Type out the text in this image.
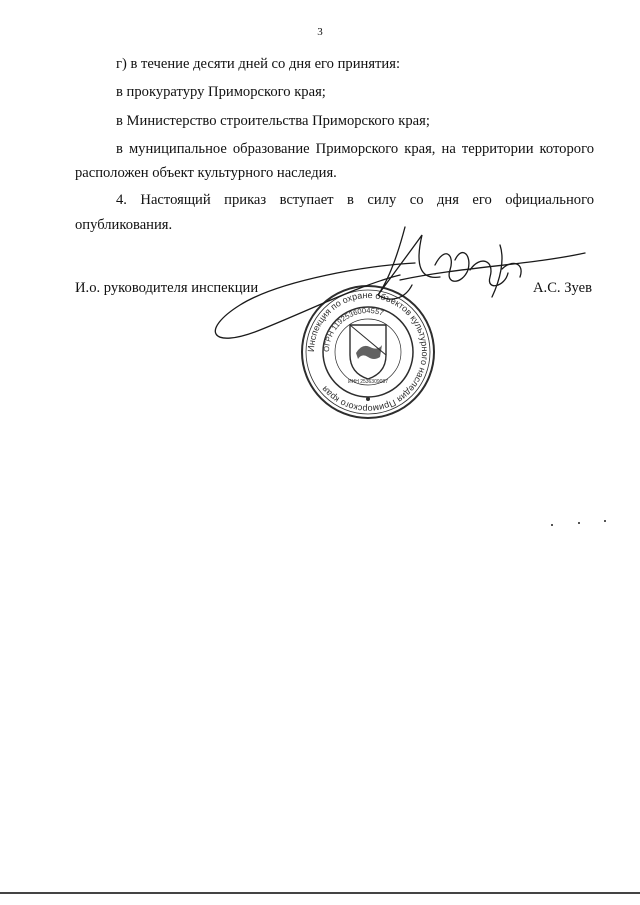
3
г) в течение десяти дней со дня его принятия:
в прокуратуру Приморского края;
в Министерство строительства Приморского края;
в муниципальное образование Приморского края, на территории которого
расположен объект культурного наследия.
4. Настоящий приказ вступает в силу со дня его официального
опубликования.
И.о. руководителя инспекции	А.С. Зуев
Инспекция по охране объектов культурного наследия Приморского края
ОГРН 1192536004557
ИНН 2536309087
